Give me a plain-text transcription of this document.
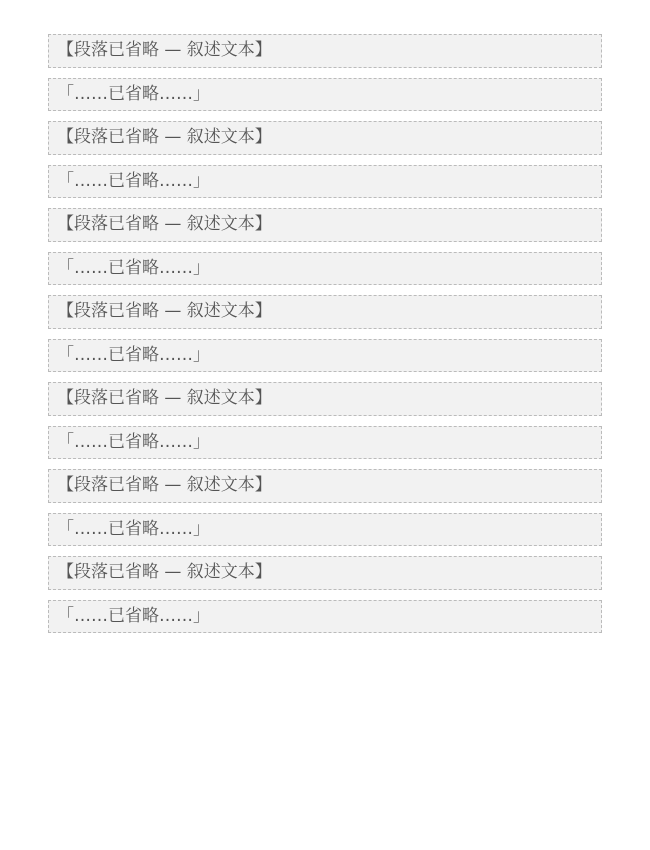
【段落已省略 — 叙述文本】

「……已省略……」

【段落已省略 — 叙述文本】

「……已省略……」

【段落已省略 — 叙述文本】

「……已省略……」

【段落已省略 — 叙述文本】

「……已省略……」

【段落已省略 — 叙述文本】

「……已省略……」

【段落已省略 — 叙述文本】

「……已省略……」

【段落已省略 — 叙述文本】

「……已省略……」
